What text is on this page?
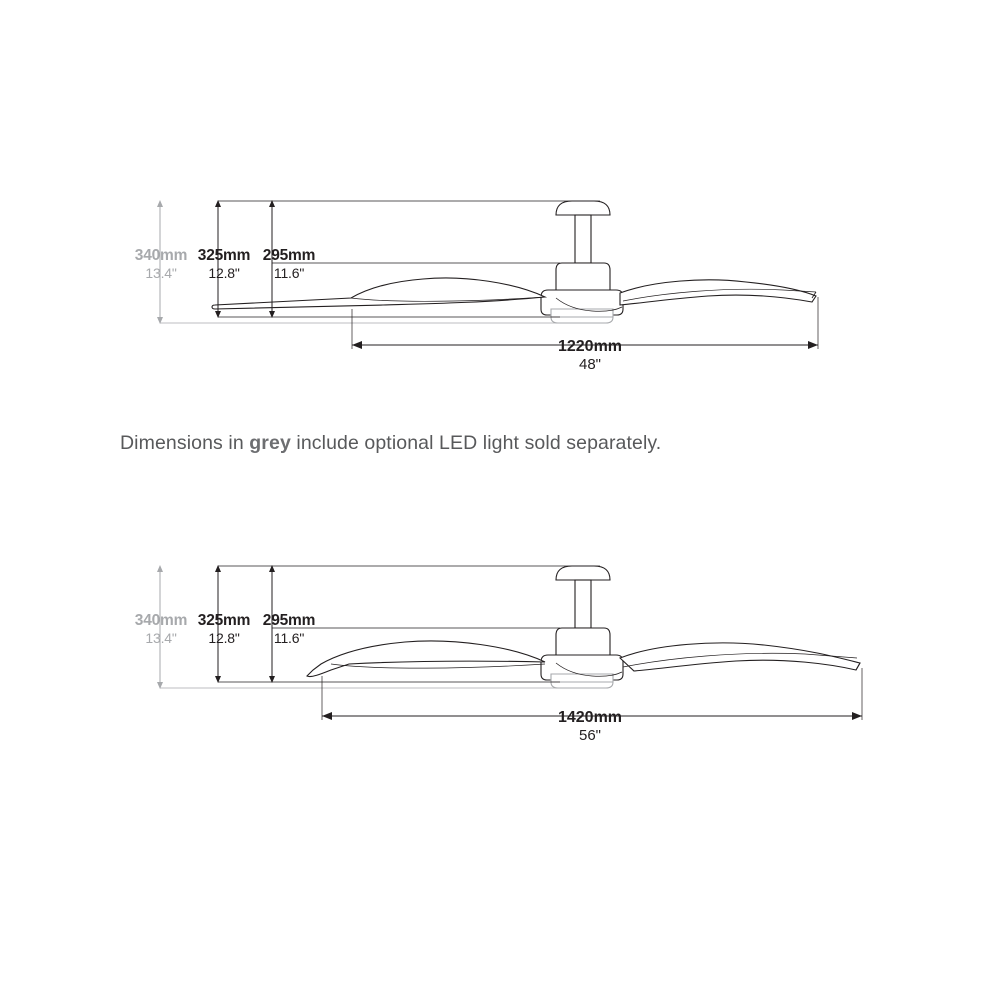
340mm
13.4"
325mm
12.8"
295mm
11.6"
1220mm
48"
Dimensions in grey include optional LED light sold separately.
340mm
13.4"
325mm
12.8"
295mm
11.6"
1420mm
56"
